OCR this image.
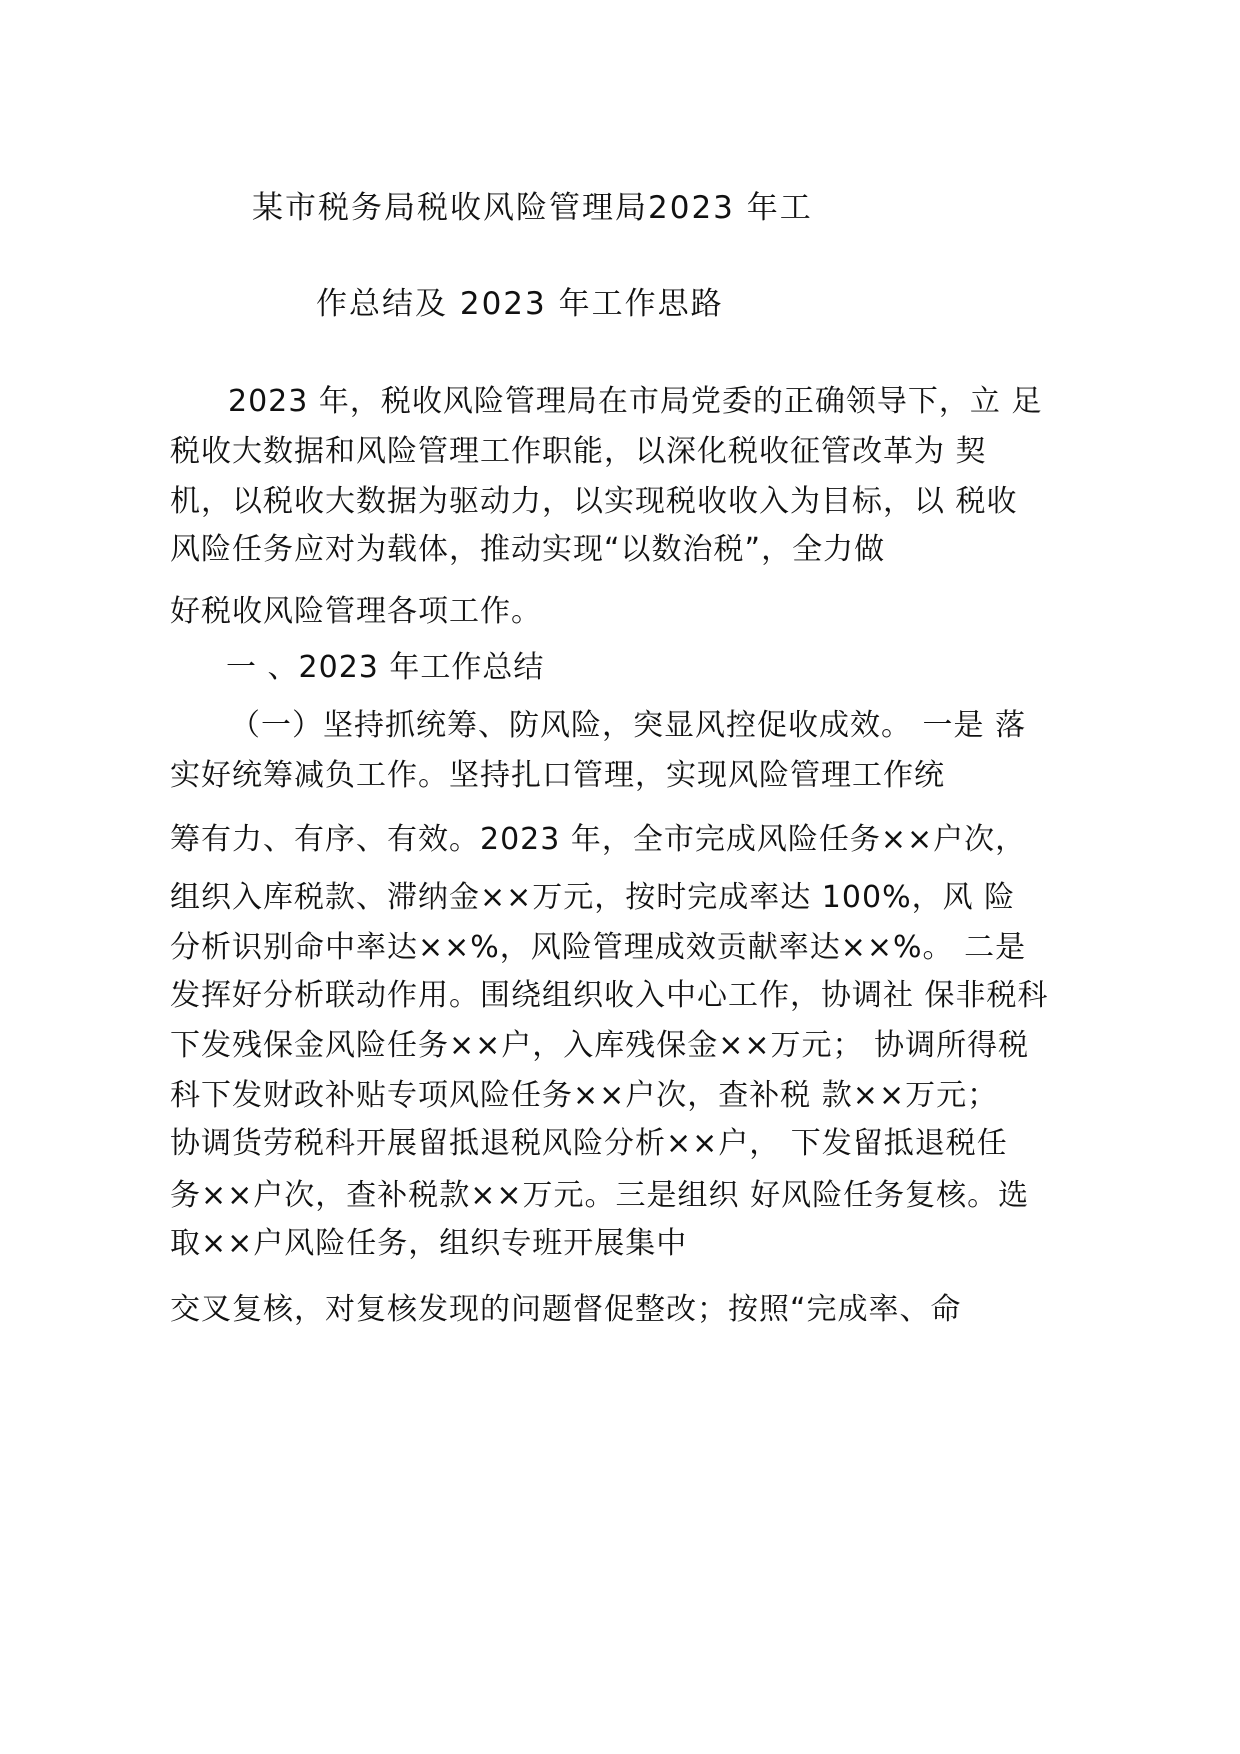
某市税务局税收风险管理局2023 年工

作总结及 2023 年工作思路

2023 年，税收风险管理局在市局党委的正确领导下，立 足

税收大数据和风险管理工作职能，以深化税收征管改革为 契

机，以税收大数据为驱动力，以实现税收收入为目标，以 税收

风险任务应对为载体，推动实现“以数治税”，全力做

好税收风险管理各项工作。

一 、2023 年工作总结

（一）坚持抓统筹、防风险，突显风控促收成效。 一是 落

实好统筹减负工作。坚持扎口管理，实现风险管理工作统

筹有力、有序、有效。2023 年，全市完成风险任务××户次，

组织入库税款、滞纳金××万元，按时完成率达 100%，风 险

分析识别命中率达××%，风险管理成效贡献率达××%。 二是

发挥好分析联动作用。围绕组织收入中心工作，协调社 保非税科

下发残保金风险任务××户，入库残保金××万元； 协调所得税

科下发财政补贴专项风险任务××户次，查补税 款××万元；

协调货劳税科开展留抵退税风险分析××户， 下发留抵退税任

务××户次，查补税款××万元。三是组织 好风险任务复核。选

取××户风险任务，组织专班开展集中

交叉复核，对复核发现的问题督促整改；按照“完成率、命
